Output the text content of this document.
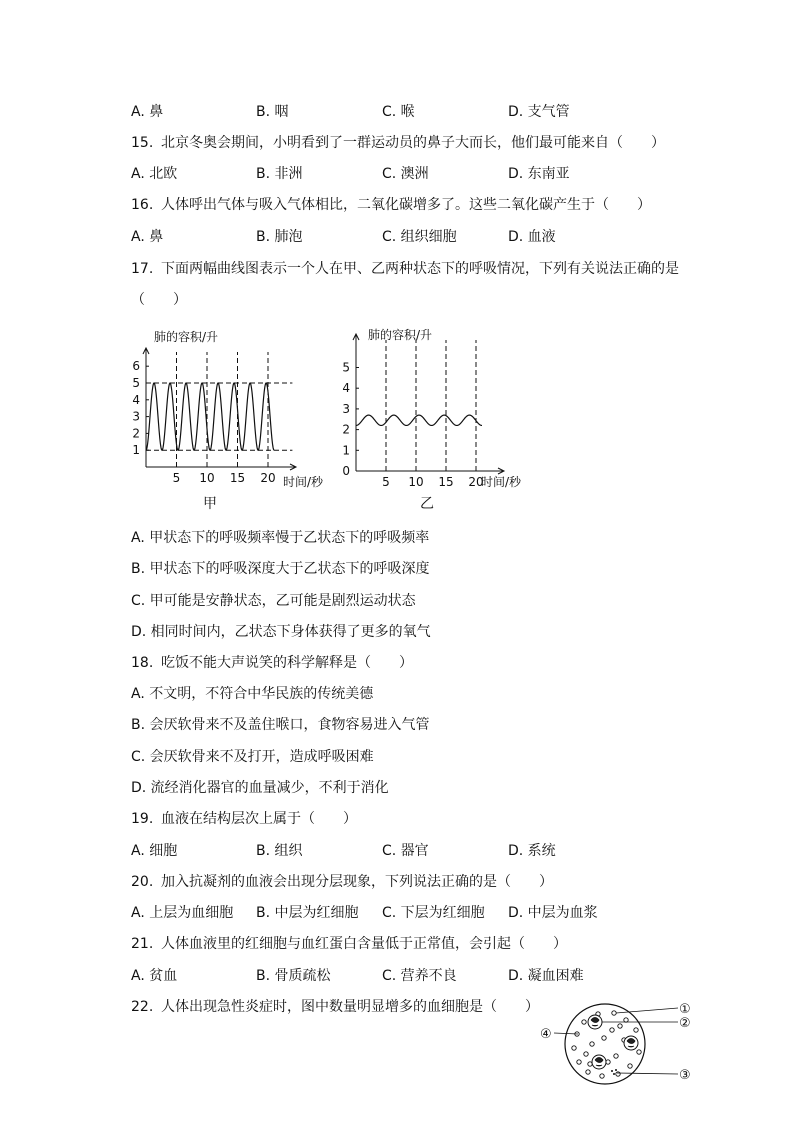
A. 鼻	B. 咽	C. 喉	D. 支气管
15. 北京冬奥会期间，小明看到了一群运动员的鼻子大而长，他们最可能来自（　　）
A. 北欧	B. 非洲	C. 澳洲	D. 东南亚
16. 人体呼出气体与吸入气体相比，二氧化碳增多了。这些二氧化碳产生于（　　）
A. 鼻	B. 肺泡	C. 组织细胞	D. 血液
17. 下面两幅曲线图表示一个人在甲、乙两种状态下的呼吸情况，下列有关说法正确的是
（　　）
肺的容积/升
1
2
3
4
5
6
5 10 15 20 时间/秒
甲
肺的容积/升
0
1
2
3
4
5
5 10 15 20
时间/秒
乙
A. 甲状态下的呼吸频率慢于乙状态下的呼吸频率
B. 甲状态下的呼吸深度大于乙状态下的呼吸深度
C. 甲可能是安静状态，乙可能是剧烈运动状态
D. 相同时间内，乙状态下身体获得了更多的氧气
18. 吃饭不能大声说笑的科学解释是（　　）
A. 不文明，不符合中华民族的传统美德
B. 会厌软骨来不及盖住喉口，食物容易进入气管
C. 会厌软骨来不及打开，造成呼吸困难
D. 流经消化器官的血量减少，不利于消化
19. 血液在结构层次上属于（　　）
A. 细胞	B. 组织	C. 器官	D. 系统
20. 加入抗凝剂的血液会出现分层现象，下列说法正确的是（　　）
A. 上层为血细胞 B. 中层为红细胞 C. 下层为红细胞 D. 中层为血浆
21. 人体血液里的红细胞与血红蛋白含量低于正常值，会引起（　　）
A. 贫血	B. 骨质疏松	C. 营养不良	D. 凝血困难
22. 人体出现急性炎症时，图中数量明显增多的血细胞是（　　）	①
②
③
④
